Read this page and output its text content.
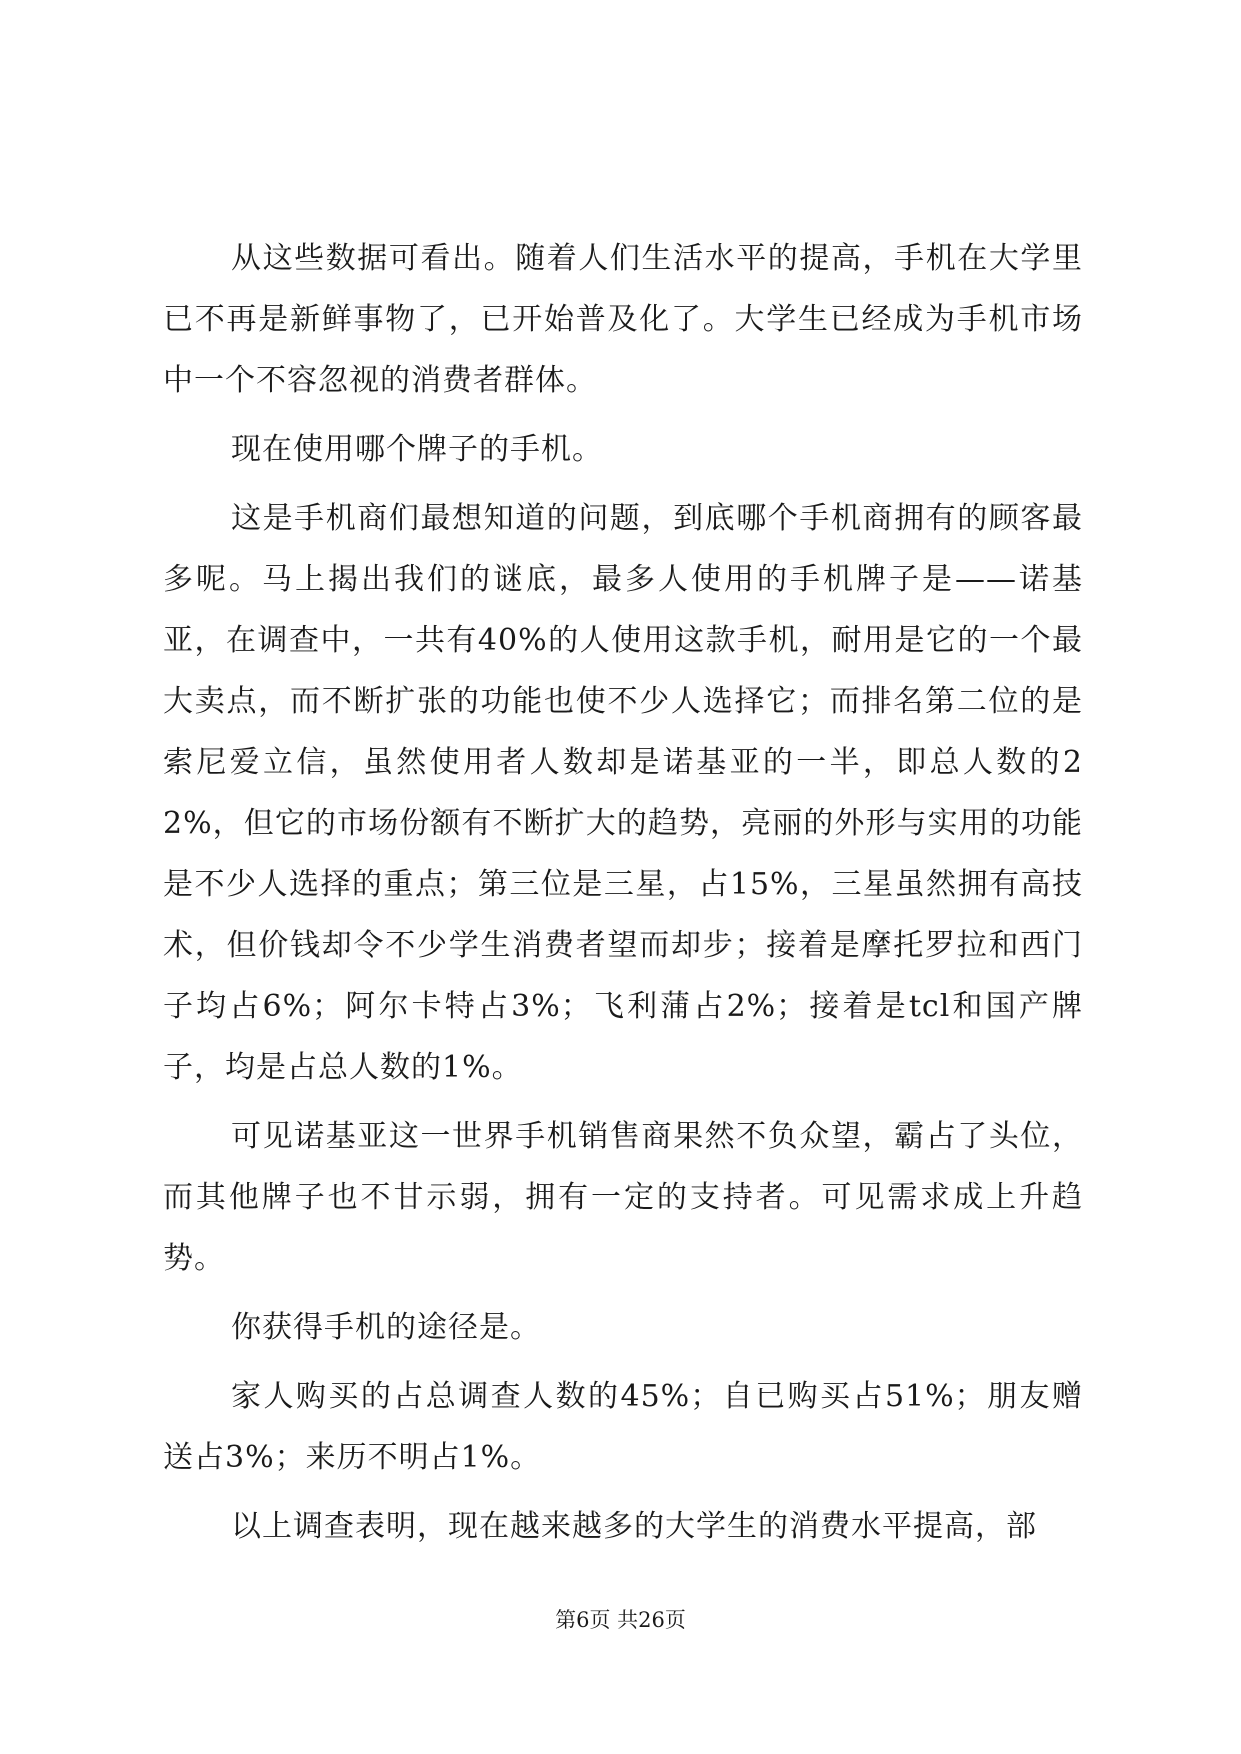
从这些数据可看出。随着人们生活水平的提高，手机在大学里已不再是新鲜事物了，已开始普及化了。大学生已经成为手机市场中一个不容忽视的消费者群体。

现在使用哪个牌子的手机。

这是手机商们最想知道的问题，到底哪个手机商拥有的顾客最多呢。马上揭出我们的谜底，最多人使用的手机牌子是——诺基亚，在调查中，一共有40%的人使用这款手机，耐用是它的一个最大卖点，而不断扩张的功能也使不少人选择它；而排名第二位的是索尼爱立信，虽然使用者人数却是诺基亚的一半，即总人数的22%，但它的市场份额有不断扩大的趋势，亮丽的外形与实用的功能是不少人选择的重点；第三位是三星，占15%，三星虽然拥有高技术，但价钱却令不少学生消费者望而却步；接着是摩托罗拉和西门子均占6%；阿尔卡特占3%；飞利蒲占2%；接着是tcl和国产牌子，均是占总人数的1%。

可见诺基亚这一世界手机销售商果然不负众望，霸占了头位，而其他牌子也不甘示弱，拥有一定的支持者。可见需求成上升趋势。

你获得手机的途径是。

家人购买的占总调查人数的45%；自已购买占51%；朋友赠送占3%；来历不明占1%。

以上调查表明，现在越来越多的大学生的消费水平提高，部

第6页 共26页
